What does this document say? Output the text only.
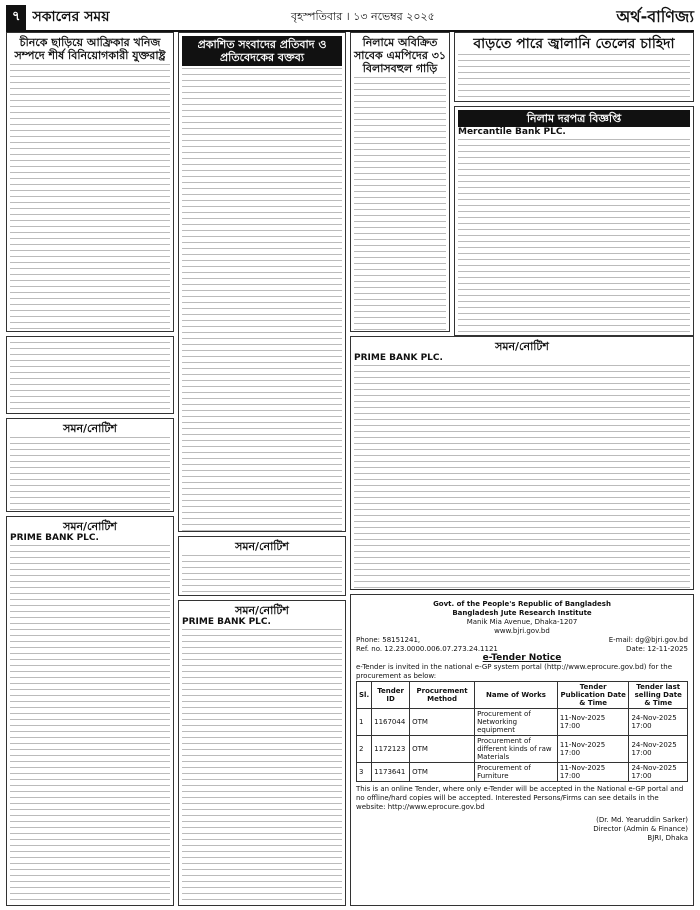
৭ সকালের সময়	বৃহস্পতিবার । ১৩ নভেম্বর ২০২৫	অর্থ-বাণিজ্য
চীনকে ছাড়িয়ে আফ্রিকার খনিজ সম্পদে শীর্ষ বিনিয়োগকারী যুক্তরাষ্ট্র
প্রকাশিত সংবাদের প্রতিবাদ ও প্রতিবেদকের বক্তব্য
নিলামে অবিক্রিত সাবেক এমপিদের ৩১ বিলাসবহুল গাড়ি
বাড়তে পারে জ্বালানি তেলের চাহিদা
নিলাম দরপত্র বিজ্ঞপ্তি
Mercantile Bank PLC.
সমন/নোটিশ
সমন/নোটিশ
PRIME BANK PLC.
সমন/নোটিশ
PRIME BANK PLC.
সমন/নোটিশ
সমন/নোটিশ
PRIME BANK PLC.
Govt. of the People's Republic of Bangladesh
Bangladesh Jute Research Institute
Manik Mia Avenue, Dhaka-1207
www.bjri.gov.bd
Phone: 58151241,	E-mail: dg@bjri.gov.bd
Ref. no. 12.23.0000.006.07.273.24.1121	Date: 12-11-2025
e-Tender Notice
e-Tender is invited in the national e-GP system portal (http://www.eprocure.gov.bd) for the procurement as below:
Sl.	Tender ID	Procurement Method	Name of Works	Tender Publication Date & Time	Tender last selling Date & Time
1	1167044	OTM	Procurement of Networking equipment	11-Nov-2025 17:00	24-Nov-2025 17:00
2	1172123	OTM	Procurement of different kinds of raw Materials	11-Nov-2025 17:00	24-Nov-2025 17:00
3	1173641	OTM	Procurement of Furniture	11-Nov-2025 17:00	24-Nov-2025 17:00
This is an online Tender, where only e-Tender will be accepted in the National e-GP portal and no offline/hard copies will be accepted. Interested Persons/Firms can see details in the website: http://www.eprocure.gov.bd
(Dr. Md. Yearuddin Sarker)
Director (Admin & Finance)
BJRI, Dhaka
